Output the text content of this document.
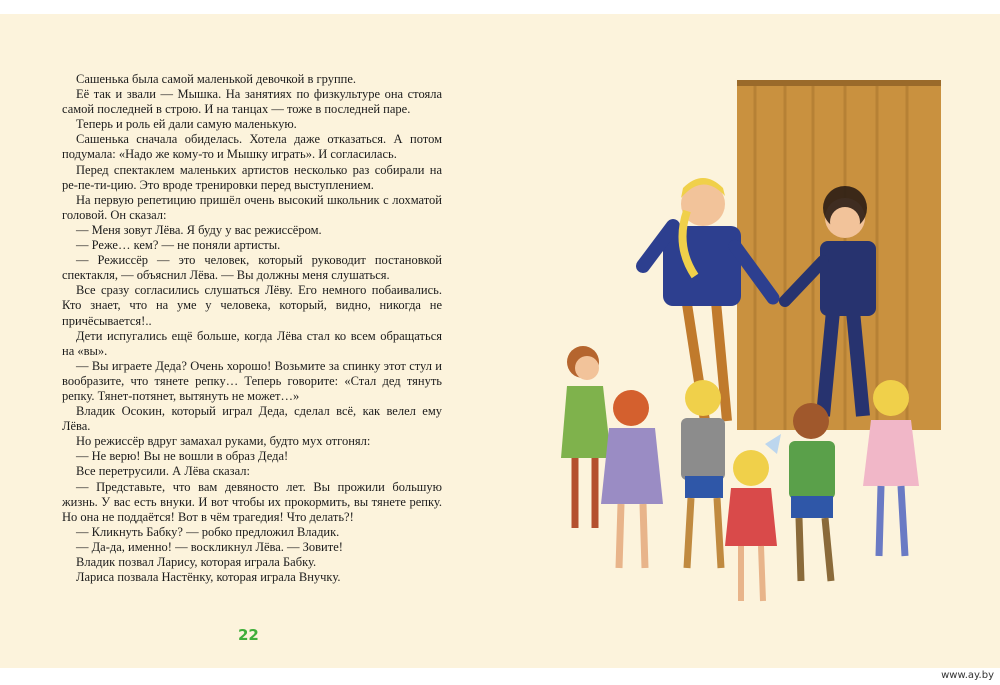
Сашенька была самой маленькой девочкой в группе.

Её так и звали — Мышка. На занятиях по физкультуре она стояла самой последней в строю. И на танцах — тоже в последней паре.

Теперь и роль ей дали самую маленькую.

Сашенька сначала обиделась. Хотела даже отказаться. А потом подумала: «Надо же кому-то и Мышку играть». И согласилась.

Перед спектаклем маленьких артистов несколько раз собирали на ре-пе-ти-цию. Это вроде тренировки перед выступлением.

На первую репетицию пришёл очень высокий школьник с лохматой головой. Он сказал:

— Меня зовут Лёва. Я буду у вас режиссёром.

— Реже… кем? — не поняли артисты.

— Режиссёр — это человек, который руководит постановкой спектакля, — объяснил Лёва. — Вы должны меня слушаться.

Все сразу согласились слушаться Лёву. Его немного побаивались. Кто знает, что на уме у человека, который, видно, никогда не причёсывается!..

Дети испугались ещё больше, когда Лёва стал ко всем обращаться на «вы».

— Вы играете Деда? Очень хорошо! Возьмите за спинку этот стул и вообразите, что тянете репку… Теперь говорите: «Стал дед тянуть репку. Тянет-потянет, вытянуть не может…»

Владик Осокин, который играл Деда, сделал всё, как велел ему Лёва.

Но режиссёр вдруг замахал руками, будто мух отгонял:

— Не верю! Вы не вошли в образ Деда!

Все перетрусили. А Лёва сказал:

— Представьте, что вам девяносто лет. Вы прожили большую жизнь. У вас есть внуки. И вот чтобы их прокормить, вы тянете репку. Но она не поддаётся! Вот в чём трагедия! Что делать?!

— Кликнуть Бабку? — робко предложил Владик.

— Да-да, именно! — воскликнул Лёва. — Зовите!

Владик позвал Ларису, которая играла Бабку.

Лариса позвала Настёнку, которая играла Внучку.

22
www.ay.by
